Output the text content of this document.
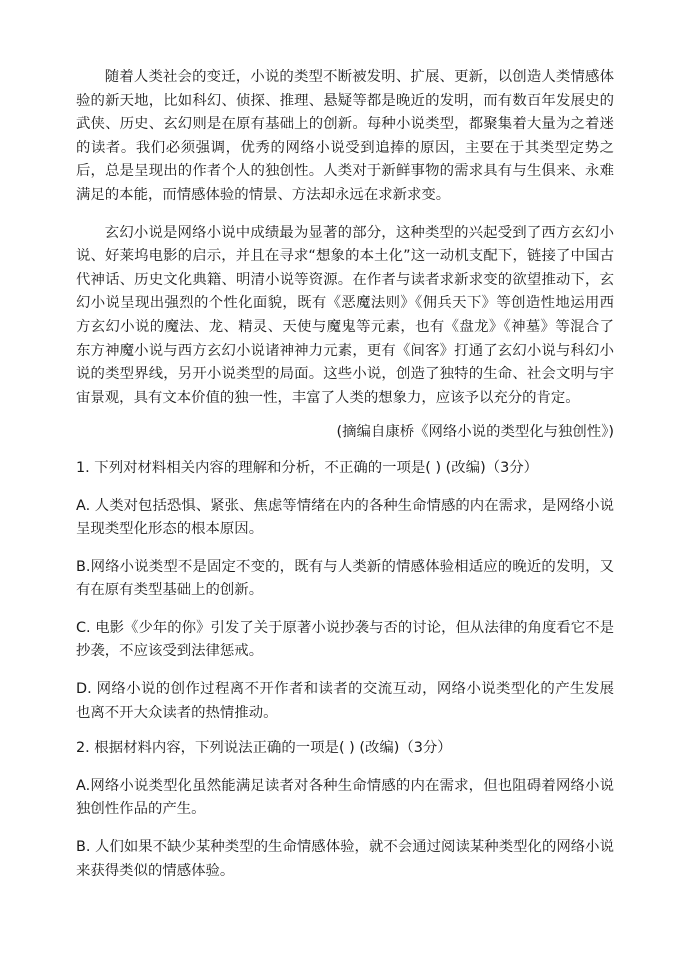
随着人类社会的变迁，小说的类型不断被发明、扩展、更新，以创造人类情感体验的新天地，比如科幻、侦探、推理、悬疑等都是晚近的发明，而有数百年发展史的武侠、历史、玄幻则是在原有基础上的创新。每种小说类型，都聚集着大量为之着迷的读者。我们必须强调，优秀的网络小说受到追捧的原因，主要在于其类型定势之后，总是呈现出的作者个人的独创性。人类对于新鲜事物的需求具有与生俱来、永难满足的本能，而情感体验的情景、方法却永远在求新求变。

玄幻小说是网络小说中成绩最为显著的部分，这种类型的兴起受到了西方玄幻小说、好莱坞电影的启示，并且在寻求“想象的本土化”这一动机支配下，链接了中国古代神话、历史文化典籍、明清小说等资源。在作者与读者求新求变的欲望推动下，玄幻小说呈现出强烈的个性化面貌，既有《恶魔法则》《佣兵天下》等创造性地运用西方玄幻小说的魔法、龙、精灵、天使与魔鬼等元素，也有《盘龙》《神墓》等混合了东方神魔小说与西方玄幻小说诸神神力元素，更有《间客》打通了玄幻小说与科幻小说的类型界线，另开小说类型的局面。这些小说，创造了独特的生命、社会文明与宇宙景观，具有文本价值的独一性，丰富了人类的想象力，应该予以充分的肯定。

(摘编自康桥《网络小说的类型化与独创性》)

1. 下列对材料相关内容的理解和分析，不正确的一项是( ) (改编)（3分）

A. 人类对包括恐惧、紧张、焦虑等情绪在内的各种生命情感的内在需求，是网络小说呈现类型化形态的根本原因。

B.网络小说类型不是固定不变的，既有与人类新的情感体验相适应的晚近的发明，又有在原有类型基础上的创新。

C. 电影《少年的你》引发了关于原著小说抄袭与否的讨论，但从法律的角度看它不是抄袭，不应该受到法律惩戒。

D. 网络小说的创作过程离不开作者和读者的交流互动，网络小说类型化的产生发展也离不开大众读者的热情推动。

2. 根据材料内容，下列说法正确的一项是( ) (改编)（3分）

A.网络小说类型化虽然能满足读者对各种生命情感的内在需求，但也阻碍着网络小说独创性作品的产生。

B. 人们如果不缺少某种类型的生命情感体验，就不会通过阅读某种类型化的网络小说来获得类似的情感体验。
